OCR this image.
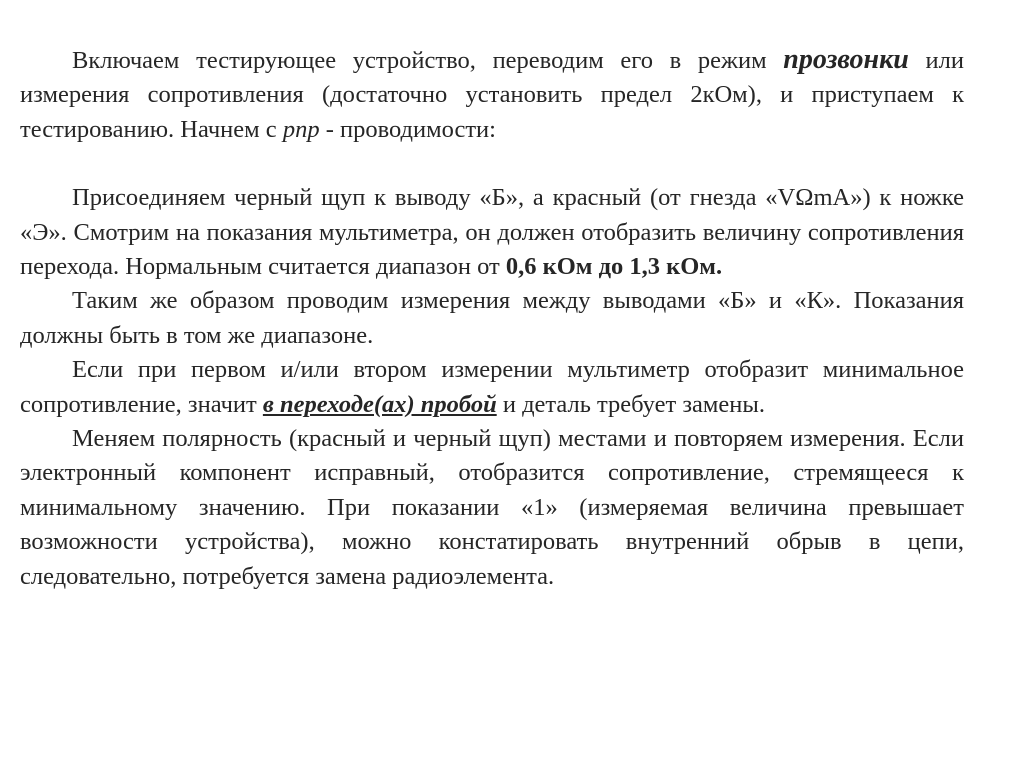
Включаем тестирующее устройство, переводим его в режим прозвонки или измерения сопротивления (достаточно установить предел 2кОм), и приступаем к тестированию. Начнем с pnp - проводимости:

Присоединяем черный щуп к выводу «Б», а красный (от гнезда «VΩmA») к ножке «Э». Смотрим на показания мультиметра, он должен отобразить величину сопротивления перехода. Нормальным считается диапазон от 0,6 кОм до 1,3 кОм.

Таким же образом проводим измерения между выводами «Б» и «К». Показания должны быть в том же диапазоне.

Если при первом и/или втором измерении мультиметр отобразит минимальное сопротивление, значит в переходе(ах) пробой и деталь требует замены.

Меняем полярность (красный и черный щуп) местами и повторяем измерения. Если электронный компонент исправный, отобразится сопротивление, стремящееся к минимальному значению. При показании «1» (измеряемая величина превышает возможности устройства), можно констатировать внутренний обрыв в цепи, следовательно, потребуется замена радиоэлемента.
